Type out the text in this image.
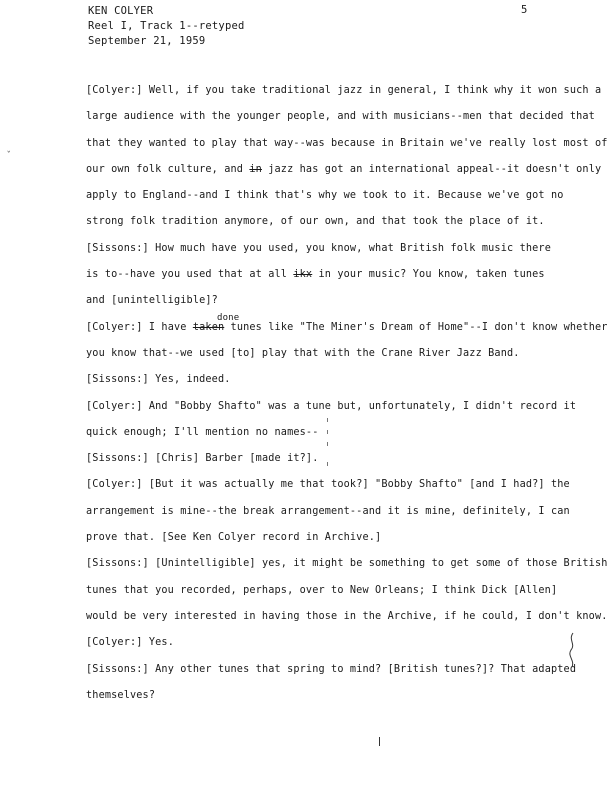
KEN COLYER
Reel I, Track 1--retyped
September 21, 1959
5
[Colyer:] Well, if you take traditional jazz in general, I think why it won such a
large audience with the younger people, and with musicians--men that decided that
that they wanted to play that way--was because in Britain we've really lost most of
our own folk culture, and in jazz has got an international appeal--it doesn't only
apply to England--and I think that's why we took to it. Because we've got no
strong folk tradition anymore, of our own, and that took the place of it.
[Sissons:] How much have you used, you know, what British folk music there
is to--have you used that at all ikx in your music? You know, taken tunes
and [unintelligible]?
done
[Colyer:] I have taken tunes like "The Miner's Dream of Home"--I don't know whether
you know that--we used [to] play that with the Crane River Jazz Band.
[Sissons:] Yes, indeed.
[Colyer:] And "Bobby Shafto" was a tune but, unfortunately, I didn't record it
quick enough; I'll mention no names--
[Sissons:] [Chris] Barber [made it?].
[Colyer:] [But it was actually me that took?] "Bobby Shafto" [and I had?] the
arrangement is mine--the break arrangement--and it is mine, definitely, I can
prove that. [See Ken Colyer record in Archive.]
[Sissons:] [Unintelligible] yes, it might be something to get some of those British
tunes that you recorded, perhaps, over to New Orleans; I think Dick [Allen]
would be very interested in having those in the Archive, if he could, I don't know.
[Colyer:] Yes.
[Sissons:] Any other tunes that spring to mind? [British tunes?]? That adapted
themselves?
ˇ
